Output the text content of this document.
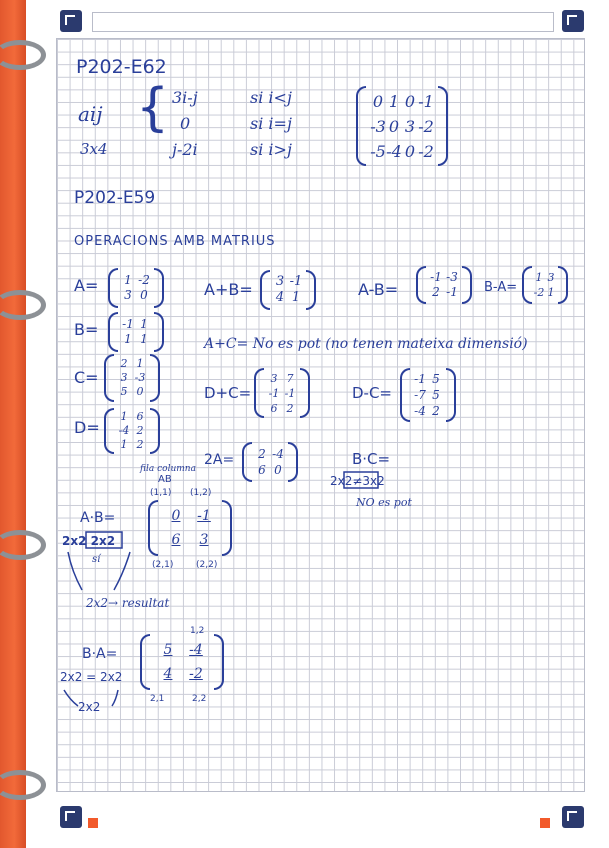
P202-E62
aij
3x4
{ 3i-j	si i<j
0	si i=j
j-2i	si i>j
0 1 0 -1
-3 0 3 -2
-5 -4 0 -2
P202-E59
OPERACIONS AMB MATRIUS
A=	1 -2
3 0
B= -1 1
1 1
C=
2 1
3 -3
5 0
D=
1 6
-4 2
1 2
A+B= 3 -1
4 1	A-B=
-1 -3
2 -1 B-A=
1 3
-2 1
A+C= No es pot (no tenen mateixa dimensió)
D+C=
3 7
-1 -1
6 2
D-C=
-1 5
-7 5
-4 2
2A=	2 -4
6 0
B·C=
2x2≠3x2
NO es pot
fila columna
AB
(1,1) (1,2)
A·B=
2x2 2x2
sí
0	-1
6	3
(2,1)	(2,2)
2x2→ resultat
1,2
B·A=
2x2 = 2x2
2x2
5	-4
4	-2
2,1	2,2
